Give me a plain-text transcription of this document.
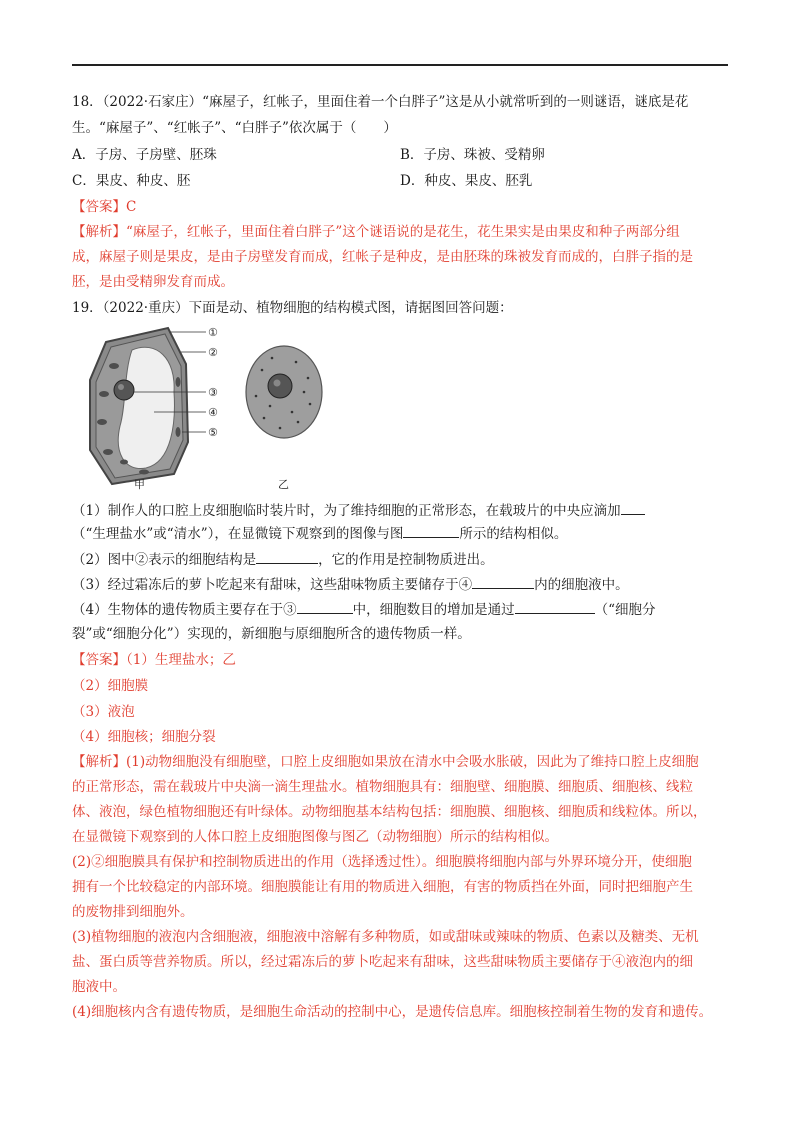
18．（2022·石家庄）“麻屋子，红帐子，里面住着一个白胖子”这是从小就常听到的一则谜语，谜底是花
生。“麻屋子”、“红帐子”、“白胖子”依次属于（　　）
A．子房、子房壁、胚珠	B．子房、珠被、受精卵
C．果皮、种皮、胚	D．种皮、果皮、胚乳
【答案】C
【解析】“麻屋子，红帐子，里面住着白胖子”这个谜语说的是花生，花生果实是由果皮和种子两部分组
成，麻屋子则是果皮，是由子房壁发育而成，红帐子是种皮，是由胚珠的珠被发育而成的，白胖子指的是
胚，是由受精卵发育而成。
19．（2022·重庆）下面是动、植物细胞的结构模式图，请据图回答问题：
①
②
③
④
⑤
甲	乙
（1）制作人的口腔上皮细胞临时装片时，为了维持细胞的正常形态，在载玻片的中央应滴加
（“生理盐水”或“清水”），在显微镜下观察到的图像与图	所示的结构相似。
（2）图中②表示的细胞结构是	，它的作用是控制物质进出。
（3）经过霜冻后的萝卜吃起来有甜味，这些甜味物质主要储存于④	内的细胞液中。
（4）生物体的遗传物质主要存在于③	中，细胞数目的增加是通过	（“细胞分
裂”或“细胞分化”）实现的，新细胞与原细胞所含的遗传物质一样。
【答案】（1）生理盐水；乙
（2）细胞膜
（3）液泡
（4）细胞核；细胞分裂
【解析】(1)动物细胞没有细胞壁，口腔上皮细胞如果放在清水中会吸水胀破，因此为了维持口腔上皮细胞
的正常形态，需在载玻片中央滴一滴生理盐水。植物细胞具有：细胞壁、细胞膜、细胞质、细胞核、线粒
体、液泡，绿色植物细胞还有叶绿体。动物细胞基本结构包括：细胞膜、细胞核、细胞质和线粒体。所以，
在显微镜下观察到的人体口腔上皮细胞图像与图乙（动物细胞）所示的结构相似。
(2)②细胞膜具有保护和控制物质进出的作用（选择透过性）。细胞膜将细胞内部与外界环境分开，使细胞
拥有一个比较稳定的内部环境。细胞膜能让有用的物质进入细胞，有害的物质挡在外面，同时把细胞产生
的废物排到细胞外。
(3)植物细胞的液泡内含细胞液，细胞液中溶解有多种物质，如或甜味或辣味的物质、色素以及糖类、无机
盐、蛋白质等营养物质。所以，经过霜冻后的萝卜吃起来有甜味，这些甜味物质主要储存于④液泡内的细
胞液中。
(4)细胞核内含有遗传物质，是细胞生命活动的控制中心，是遗传信息库。细胞核控制着生物的发育和遗传。
